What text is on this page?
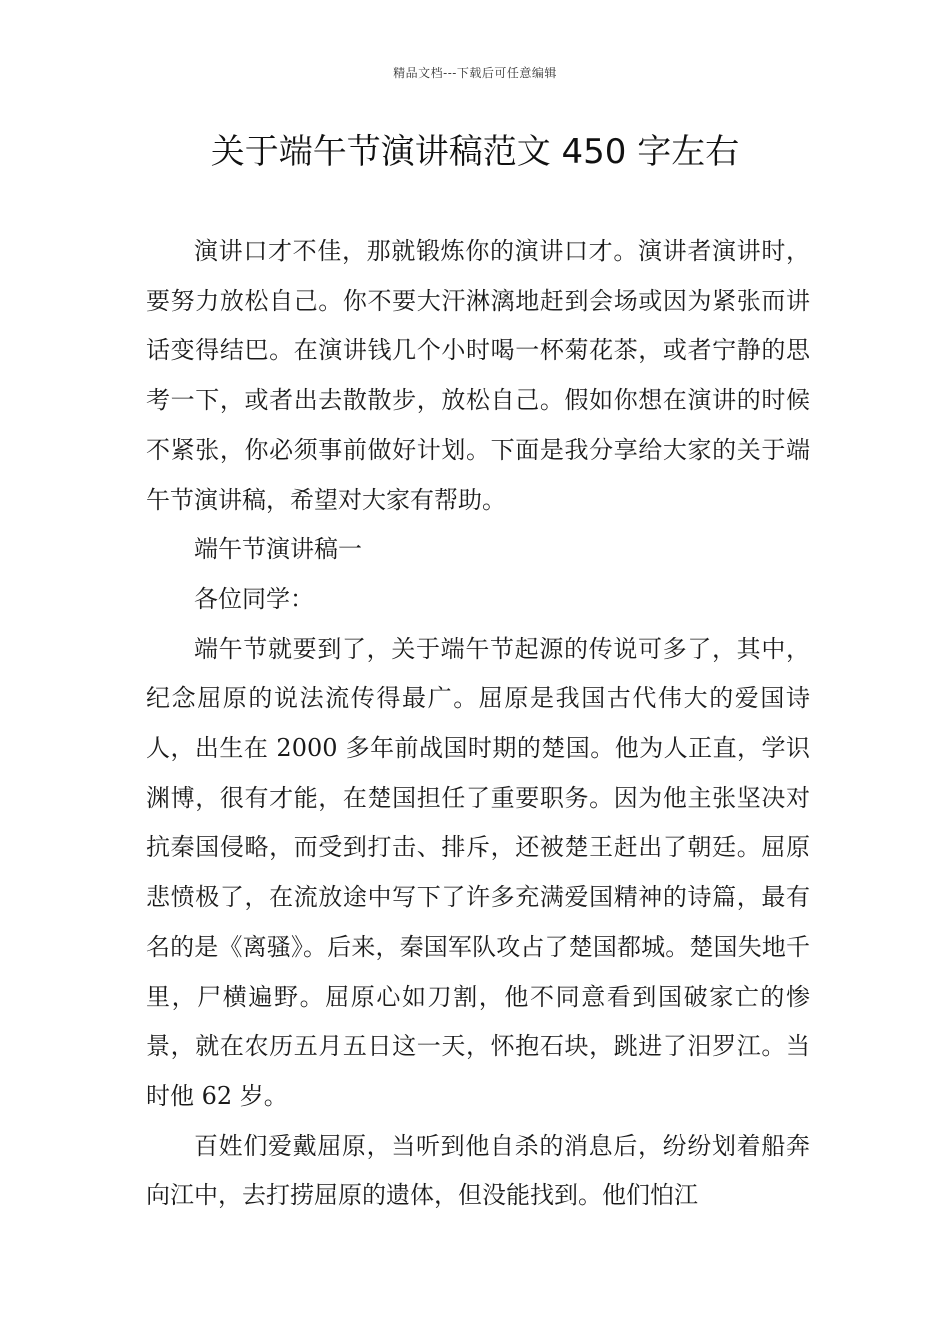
精品文档---下载后可任意编辑
关于端午节演讲稿范文 450 字左右

演讲口才不佳，那就锻炼你的演讲口才。演讲者演讲时，要努力放松自己。你不要大汗淋漓地赶到会场或因为紧张而讲话变得结巴。在演讲钱几个小时喝一杯菊花茶，或者宁静的思考一下，或者出去散散步，放松自己。假如你想在演讲的时候不紧张，你必须事前做好计划。下面是我分享给大家的关于端午节演讲稿，希望对大家有帮助。

端午节演讲稿一

各位同学：

端午节就要到了，关于端午节起源的传说可多了，其中，纪念屈原的说法流传得最广。屈原是我国古代伟大的爱国诗人，出生在 2000 多年前战国时期的楚国。他为人正直，学识渊博，很有才能，在楚国担任了重要职务。因为他主张坚决对抗秦国侵略，而受到打击、排斥，还被楚王赶出了朝廷。屈原悲愤极了，在流放途中写下了许多充满爱国精神的诗篇，最有名的是《离骚》。后来，秦国军队攻占了楚国都城。楚国失地千里，尸横遍野。屈原心如刀割，他不同意看到国破家亡的惨景，就在农历五月五日这一天，怀抱石块，跳进了汨罗江。当时他 62 岁。

百姓们爱戴屈原，当听到他自杀的消息后，纷纷划着船奔向江中，去打捞屈原的遗体，但没能找到。他们怕江
